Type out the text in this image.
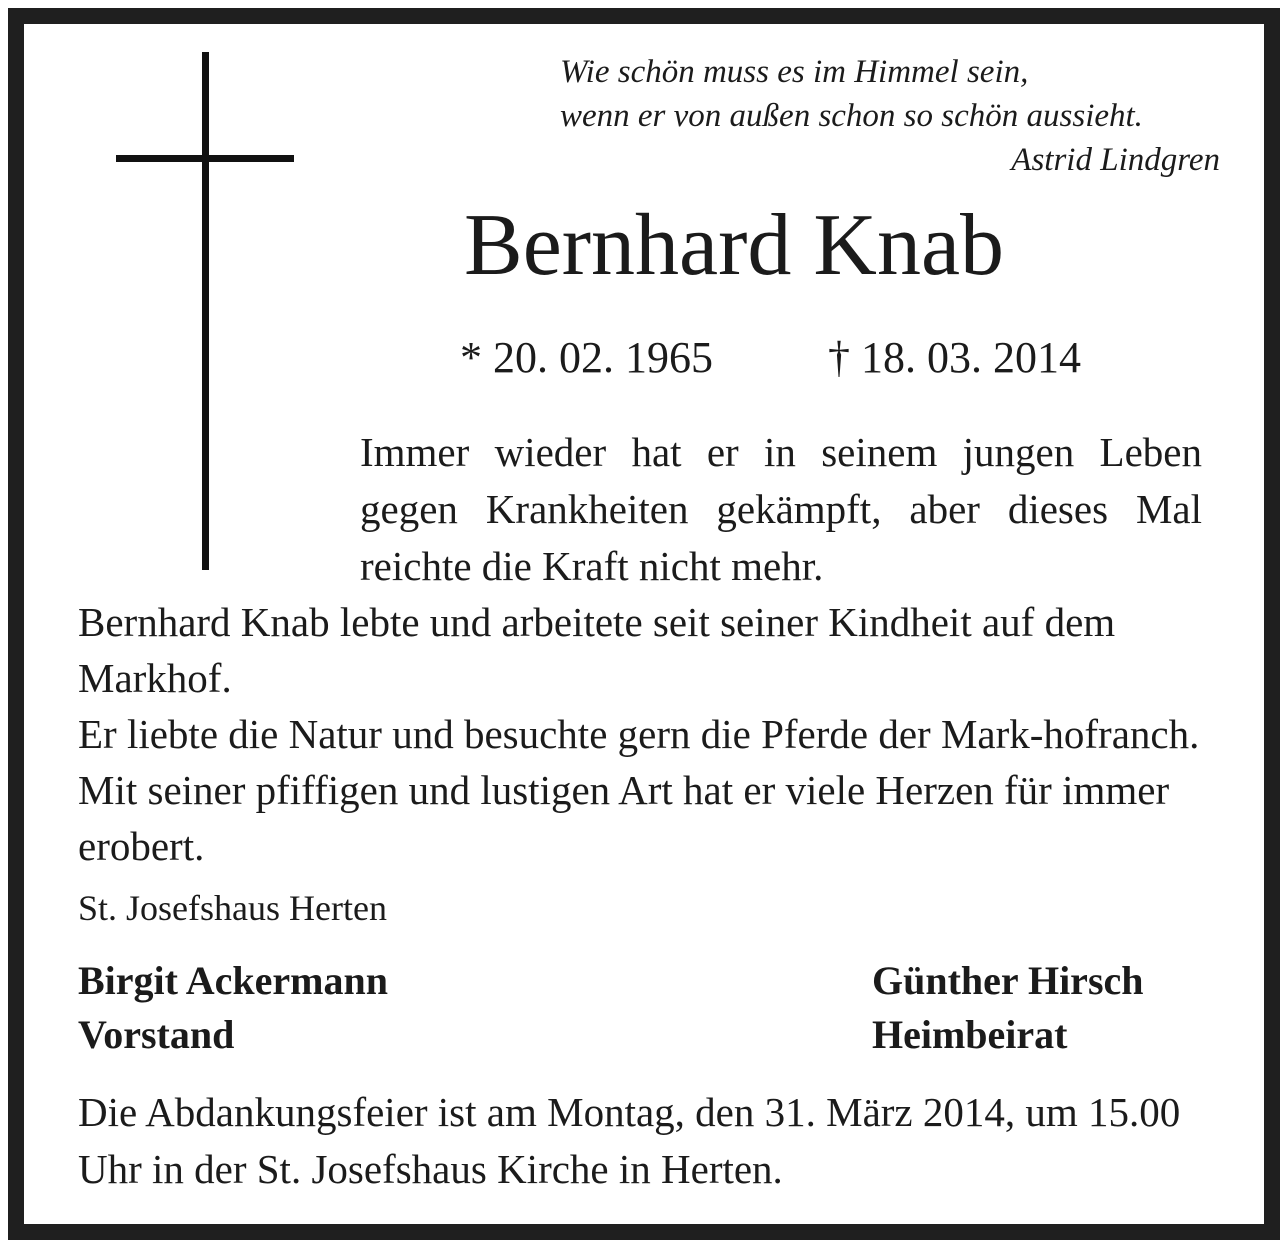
Wie schön muss es im Himmel sein,
wenn er von außen schon so schön aussieht.
Astrid Lindgren
Bernhard Knab
* 20. 02. 1965	† 18. 03. 2014
Immer wieder hat er in seinem jungen Leben gegen Krankheiten gekämpft, aber dieses Mal reichte die Kraft nicht mehr.

Bernhard Knab lebte und arbeitete seit seiner Kindheit auf dem Markhof.

Er liebte die Natur und besuchte gern die Pferde der Mark-hofranch. Mit seiner pfiffigen und lustigen Art hat er viele Herzen für immer erobert.

St. Josefshaus Herten
Birgit Ackermann
Vorstand
Günther Hirsch
Heimbeirat
Die Abdankungsfeier ist am Montag, den 31. März 2014, um 15.00 Uhr in der St. Josefshaus Kirche in Herten.
